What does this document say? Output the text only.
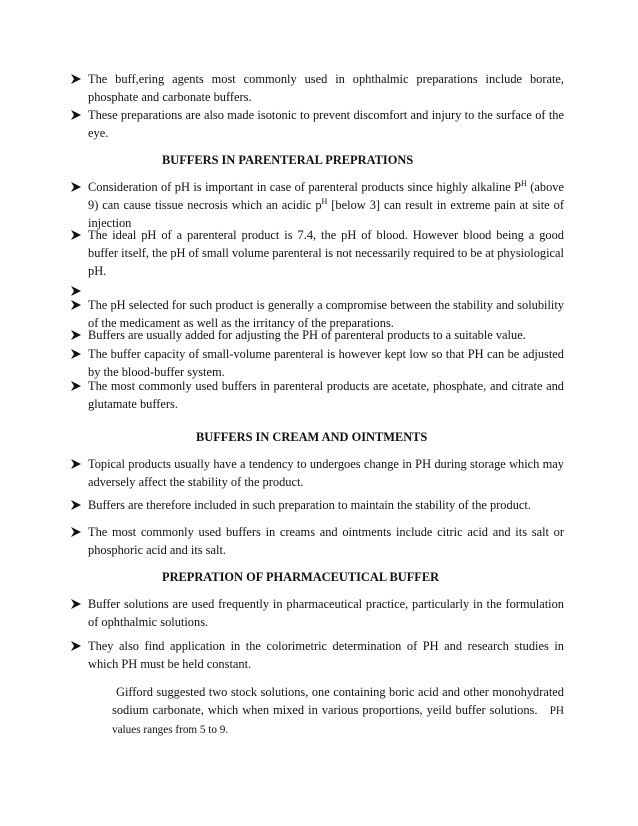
The buff,ering agents most commonly used in ophthalmic preparations include borate, phosphate and carbonate buffers.
These preparations are also made isotonic to prevent discomfort and injury to the surface of the eye.
BUFFERS IN PARENTERAL PREPRATIONS
Consideration of pH is important in case of parenteral products since highly alkaline $P^H$ (above 9) can cause tissue necrosis which an acidic $p^H$ [below 3] can result in extreme pain at site of injection
The ideal pH of a parenteral product is 7.4, the pH of blood. However blood being a good buffer itself, the pH of small volume parenteral is not necessarily required to be at physiological pH.
The pH selected for such product is generally a compromise between the stability and solubility of the medicament as well as the irritancy of the preparations.
Buffers are usually added for adjusting the PH of parenteral products to a suitable value.
The buffer capacity of small-volume parenteral is however kept low so that PH can be adjusted by the blood-buffer system.
The most commonly used buffers in parenteral products are acetate, phosphate, and citrate and glutamate buffers.
BUFFERS IN CREAM AND OINTMENTS
Topical products usually have a tendency to undergoes change in PH during storage which may adversely affect the stability of the product.
Buffers are therefore included in such preparation to maintain the stability of the product.
The most commonly used buffers in creams and ointments include citric acid and its salt or phosphoric acid and its salt.
PREPRATION OF PHARMACEUTICAL BUFFER
Buffer solutions are used frequently in pharmaceutical practice, particularly in the formulation of ophthalmic solutions.
They also find application in the colorimetric determination of PH and research studies in which PH must be held constant.
Gifford suggested two stock solutions, one containing boric acid and other monohydrated sodium carbonate, which when mixed in various proportions, yeild buffer solutions. PH values ranges from 5 to 9.
